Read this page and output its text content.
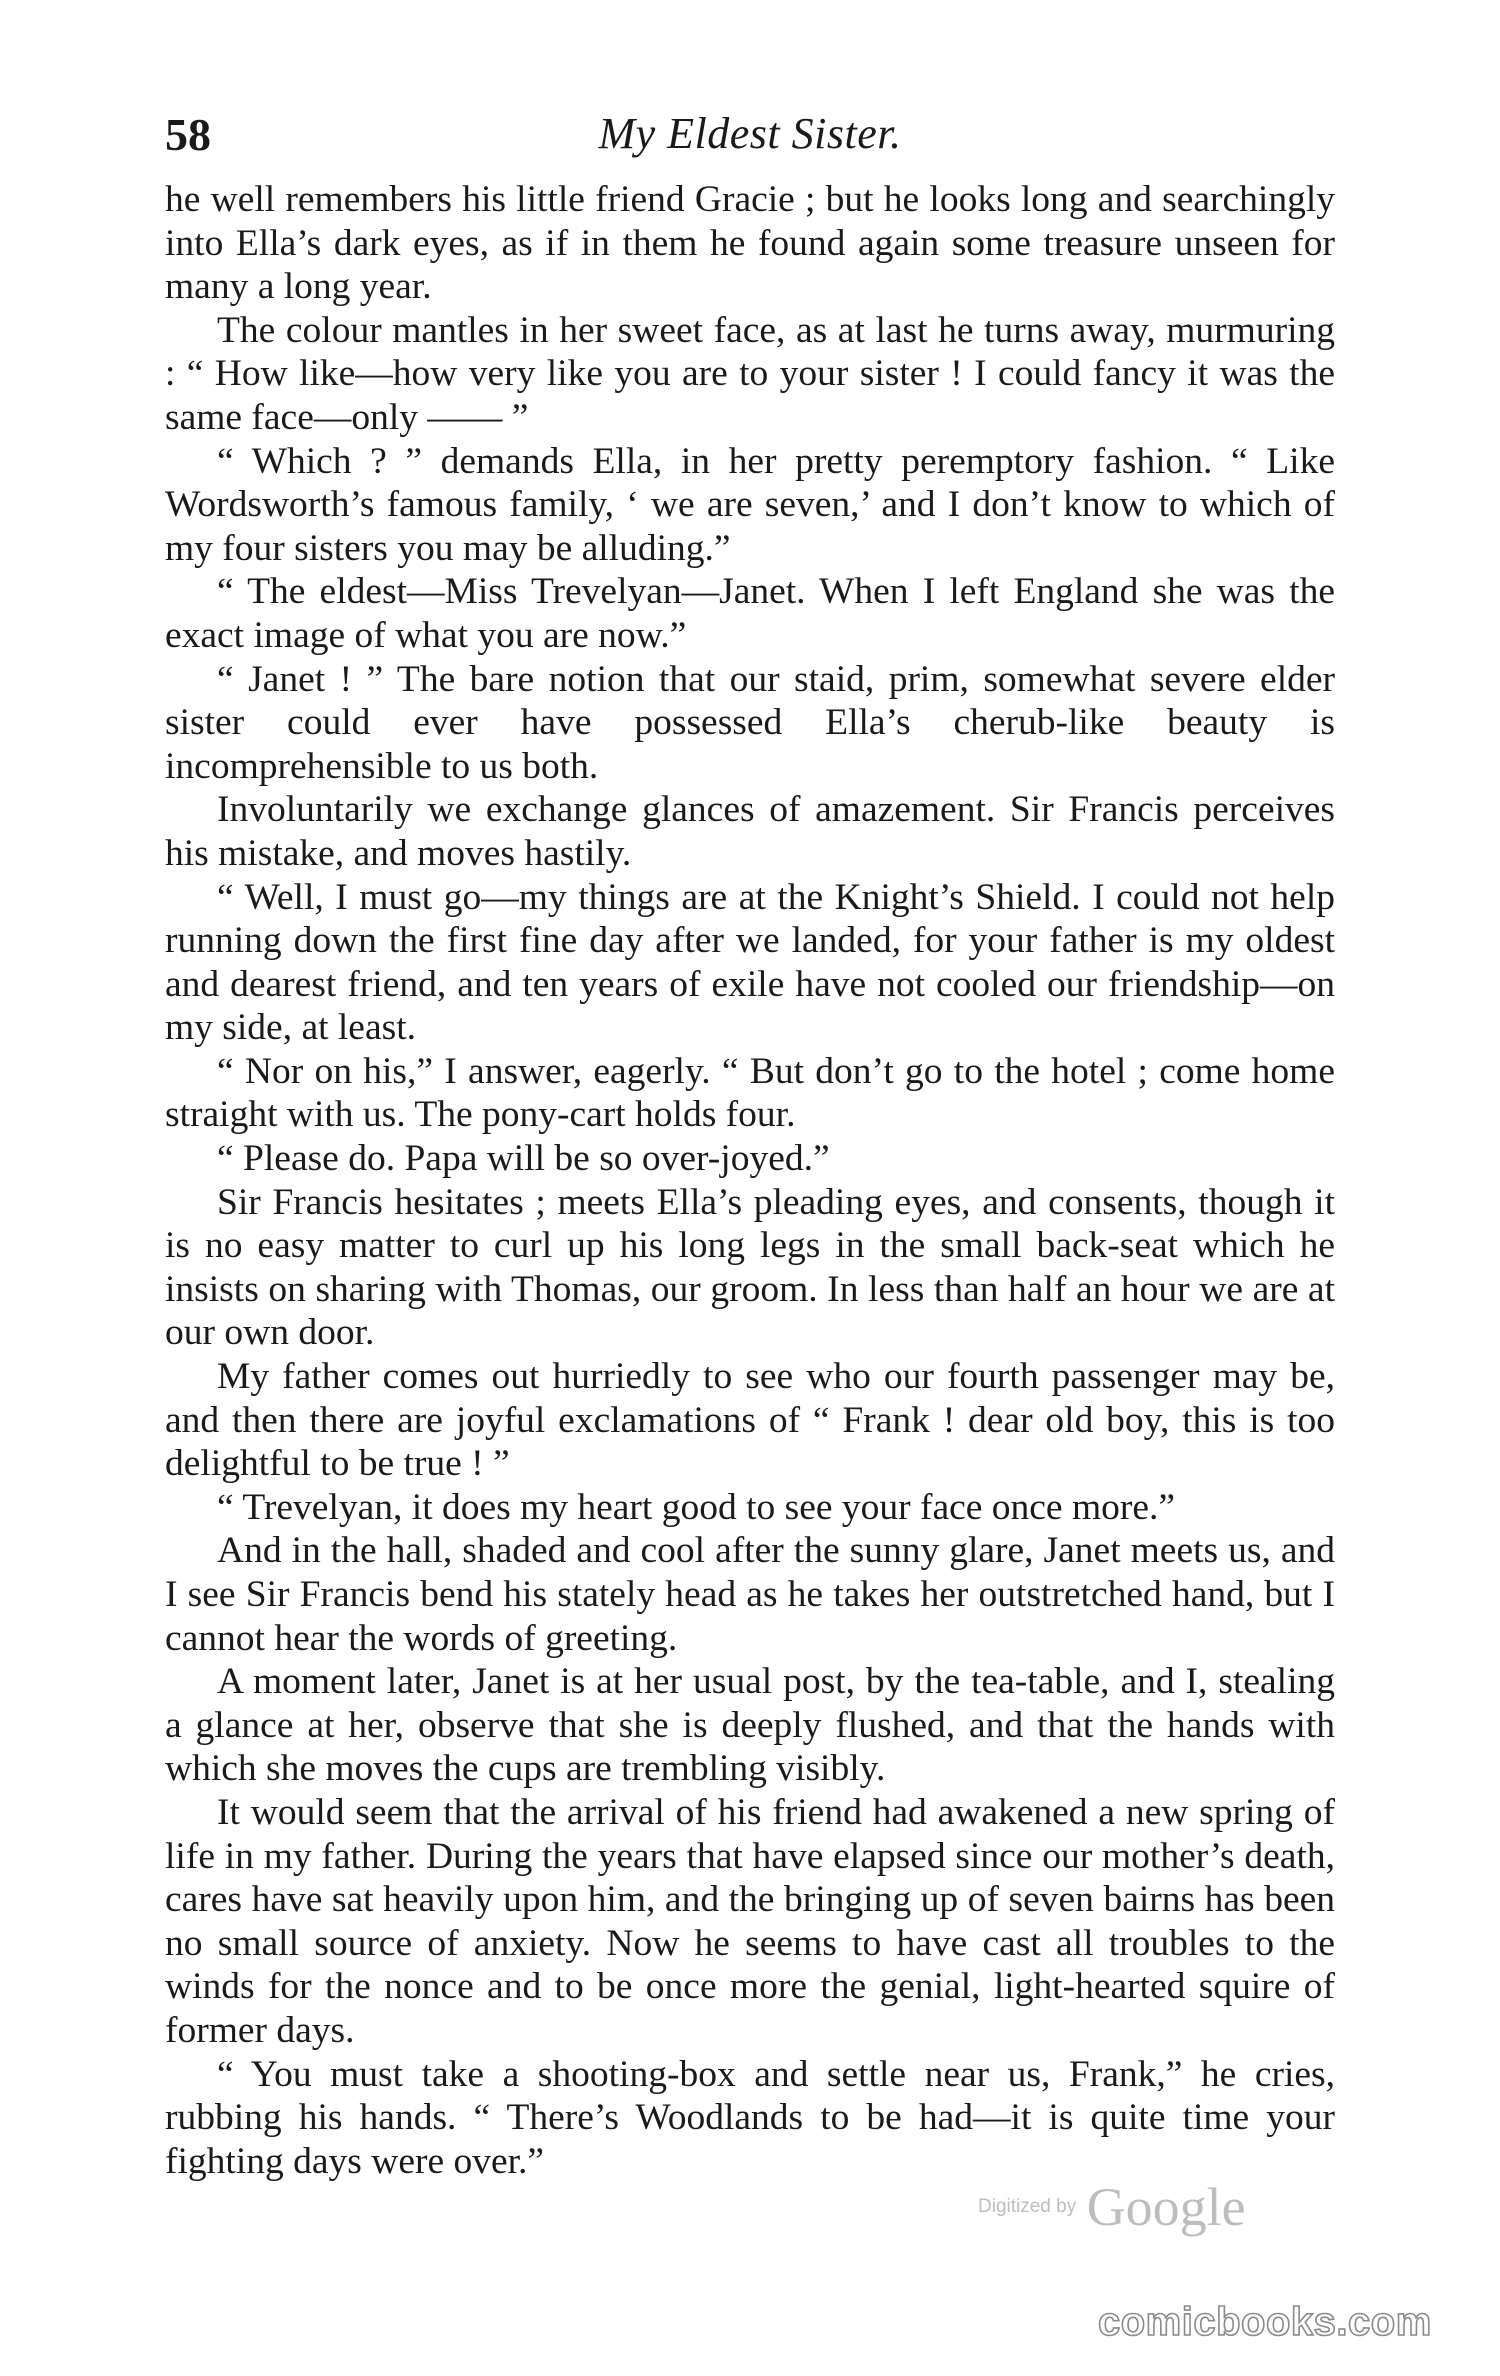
58	My Eldest Sister.

he well remembers his little friend Gracie ; but he looks long and searchingly into Ella’s dark eyes, as if in them he found again some treasure unseen for many a long year.

The colour mantles in her sweet face, as at last he turns away, murmuring : “ How like—how very like you are to your sister ! I could fancy it was the same face—only —— ”

“ Which ? ” demands Ella, in her pretty peremptory fashion. “ Like Wordsworth’s famous family, ‘ we are seven,’ and I don’t know to which of my four sisters you may be alluding.”

“ The eldest—Miss Trevelyan—Janet. When I left England she was the exact image of what you are now.”

“ Janet ! ” The bare notion that our staid, prim, somewhat severe elder sister could ever have possessed Ella’s cherub-like beauty is incomprehensible to us both.

Involuntarily we exchange glances of amazement. Sir Francis perceives his mistake, and moves hastily.

“ Well, I must go—my things are at the Knight’s Shield. I could not help running down the first fine day after we landed, for your father is my oldest and dearest friend, and ten years of exile have not cooled our friendship—on my side, at least.

“ Nor on his,” I answer, eagerly. “ But don’t go to the hotel ; come home straight with us. The pony-cart holds four.

“ Please do. Papa will be so over-joyed.”

Sir Francis hesitates ; meets Ella’s pleading eyes, and consents, though it is no easy matter to curl up his long legs in the small back-seat which he insists on sharing with Thomas, our groom. In less than half an hour we are at our own door.

My father comes out hurriedly to see who our fourth passenger may be, and then there are joyful exclamations of “ Frank ! dear old boy, this is too delightful to be true ! ”

“ Trevelyan, it does my heart good to see your face once more.”

And in the hall, shaded and cool after the sunny glare, Janet meets us, and I see Sir Francis bend his stately head as he takes her outstretched hand, but I cannot hear the words of greeting.

A moment later, Janet is at her usual post, by the tea-table, and I, stealing a glance at her, observe that she is deeply flushed, and that the hands with which she moves the cups are trembling visibly.

It would seem that the arrival of his friend had awakened a new spring of life in my father. During the years that have elapsed since our mother’s death, cares have sat heavily upon him, and the bringing up of seven bairns has been no small source of anxiety. Now he seems to have cast all troubles to the winds for the nonce and to be once more the genial, light-hearted squire of former days.

“ You must take a shooting-box and settle near us, Frank,” he cries, rubbing his hands. “ There’s Woodlands to be had—it is quite time your fighting days were over.”

Digitized by Google
comicbooks.com
